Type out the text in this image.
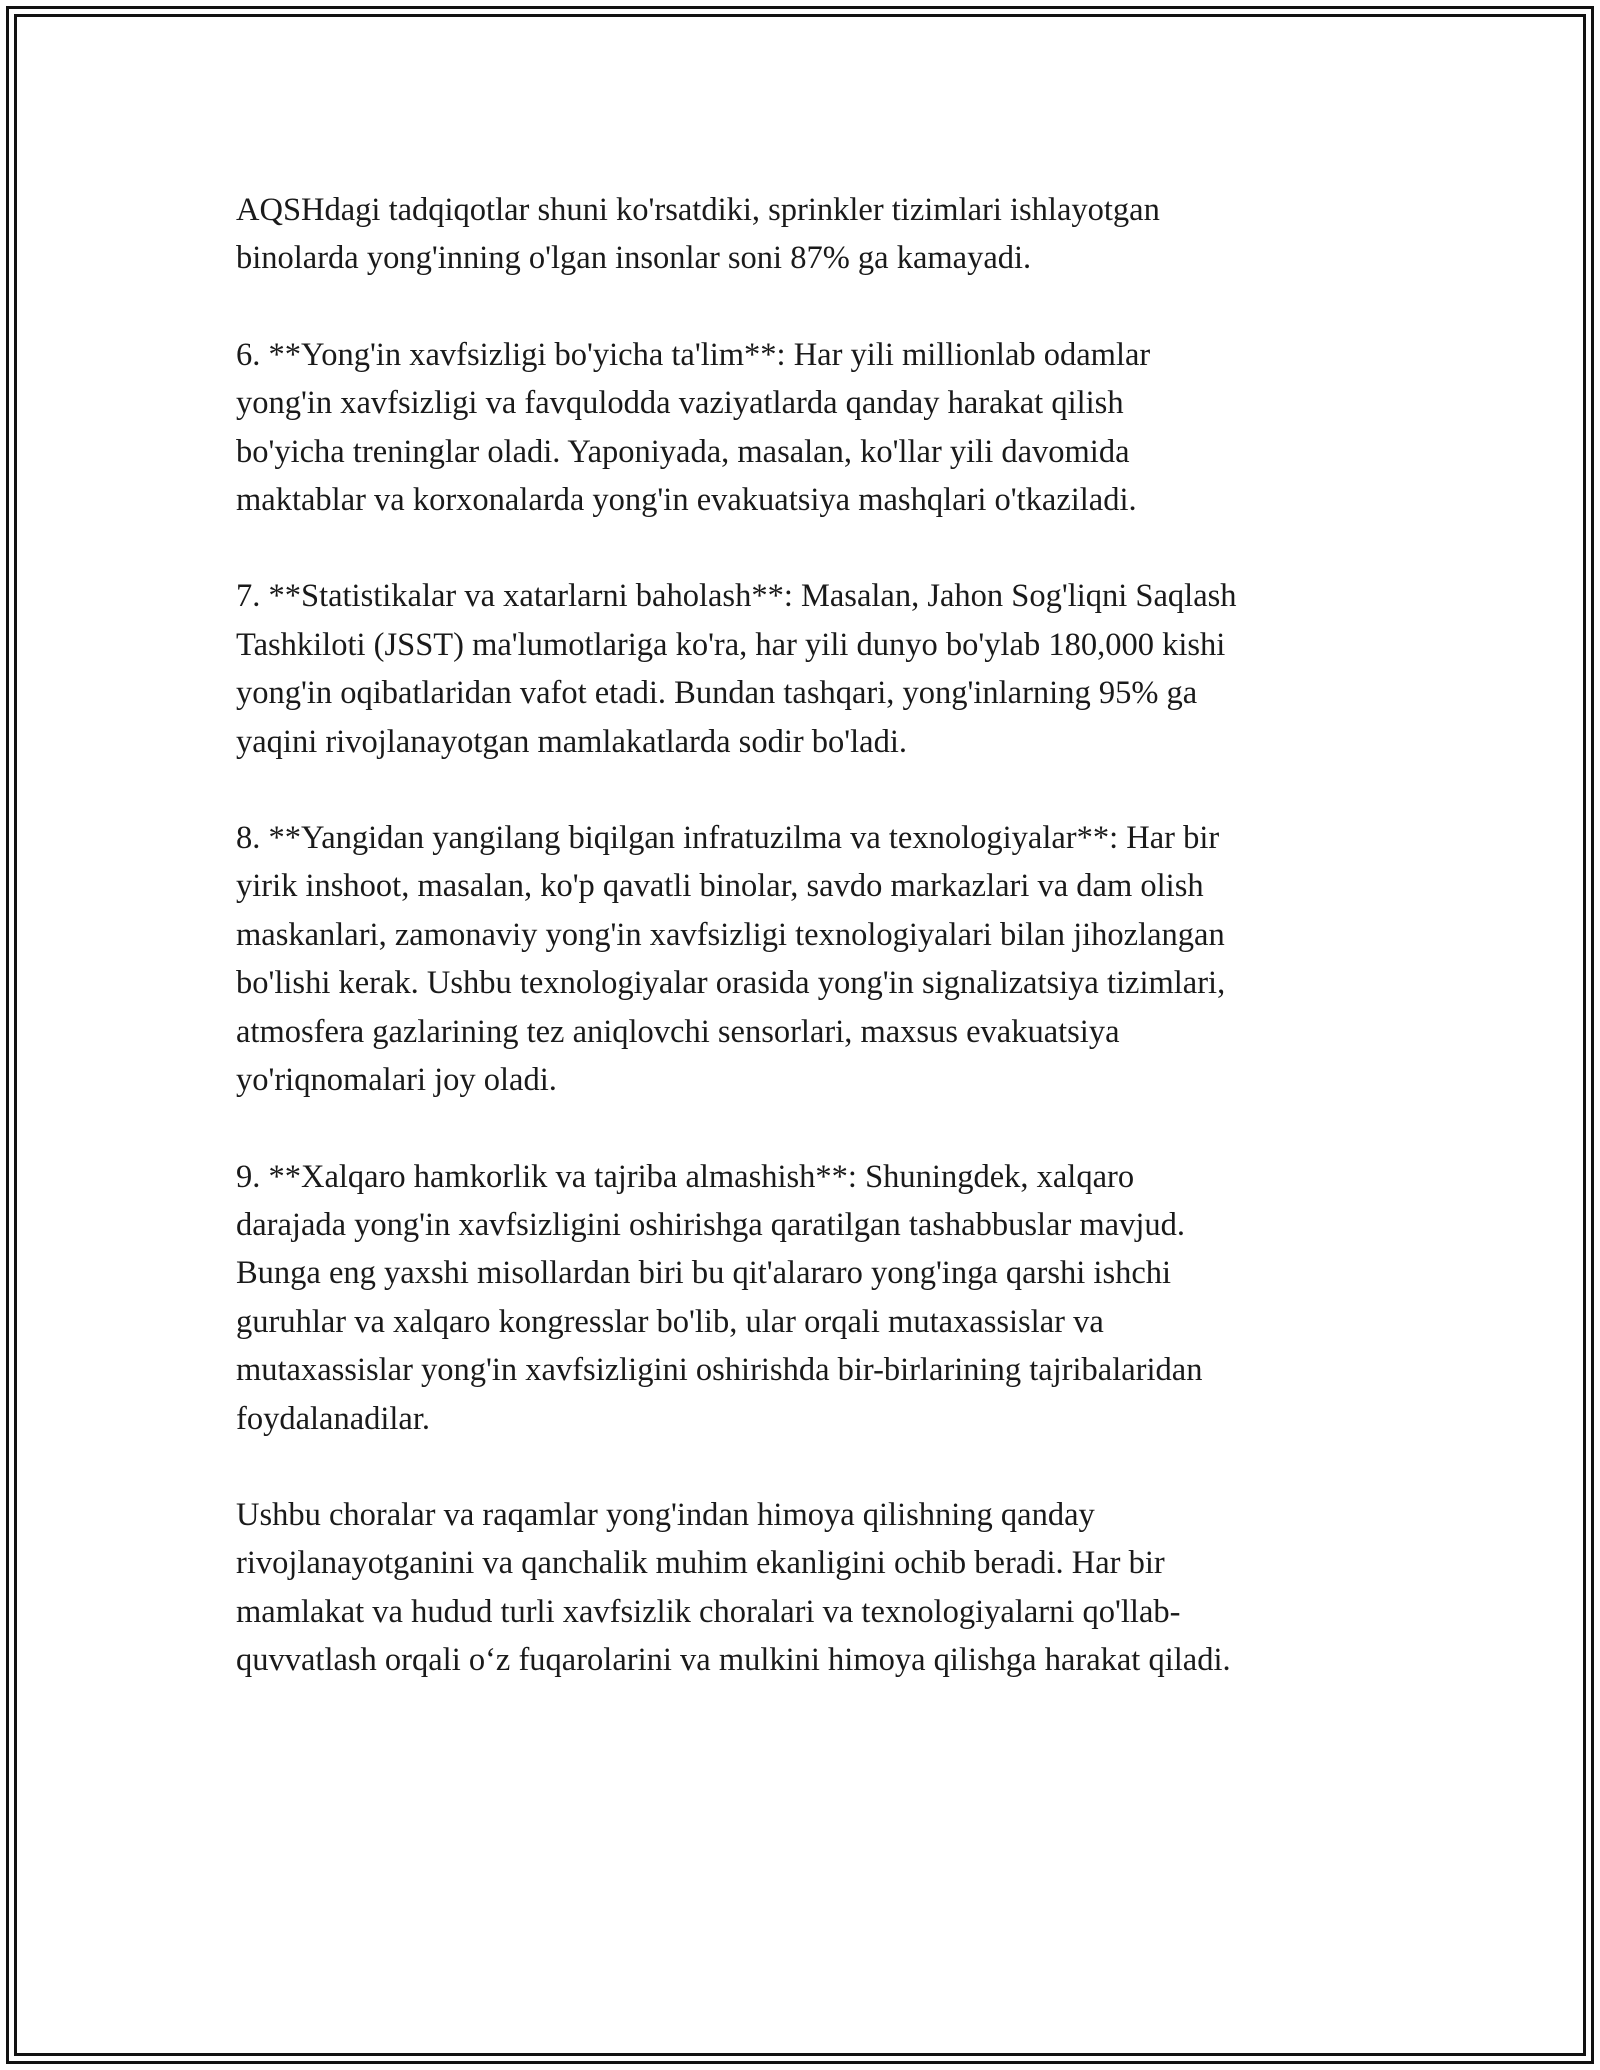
AQSHdagi tadqiqotlar shuni ko'rsatdiki, sprinkler tizimlari ishlayotgan
binolarda yong'inning o'lgan insonlar soni 87% ga kamayadi.

6. **Yong'in xavfsizligi bo'yicha ta'lim**: Har yili millionlab odamlar
yong'in xavfsizligi va favqulodda vaziyatlarda qanday harakat qilish
bo'yicha treninglar oladi. Yaponiyada, masalan, ko'llar yili davomida
maktablar va korxonalarda yong'in evakuatsiya mashqlari o'tkaziladi.

7. **Statistikalar va xatarlarni baholash**: Masalan, Jahon Sog'liqni Saqlash
Tashkiloti (JSST) ma'lumotlariga ko'ra, har yili dunyo bo'ylab 180,000 kishi
yong'in oqibatlaridan vafot etadi. Bundan tashqari, yong'inlarning 95% ga
yaqini rivojlanayotgan mamlakatlarda sodir bo'ladi.

8. **Yangidan yangilang biqilgan infratuzilma va texnologiyalar**: Har bir
yirik inshoot, masalan, ko'p qavatli binolar, savdo markazlari va dam olish
maskanlari, zamonaviy yong'in xavfsizligi texnologiyalari bilan jihozlangan
bo'lishi kerak. Ushbu texnologiyalar orasida yong'in signalizatsiya tizimlari,
atmosfera gazlarining tez aniqlovchi sensorlari, maxsus evakuatsiya
yo'riqnomalari joy oladi.

9. **Xalqaro hamkorlik va tajriba almashish**: Shuningdek, xalqaro
darajada yong'in xavfsizligini oshirishga qaratilgan tashabbuslar mavjud.
Bunga eng yaxshi misollardan biri bu qit'alararo yong'inga qarshi ishchi
guruhlar va xalqaro kongresslar bo'lib, ular orqali mutaxassislar va
mutaxassislar yong'in xavfsizligini oshirishda bir-birlarining tajribalaridan
foydalanadilar.

Ushbu choralar va raqamlar yong'indan himoya qilishning qanday
rivojlanayotganini va qanchalik muhim ekanligini ochib beradi. Har bir
mamlakat va hudud turli xavfsizlik choralari va texnologiyalarni qo'llab-
quvvatlash orqali o‘z fuqarolarini va mulkini himoya qilishga harakat qiladi.
